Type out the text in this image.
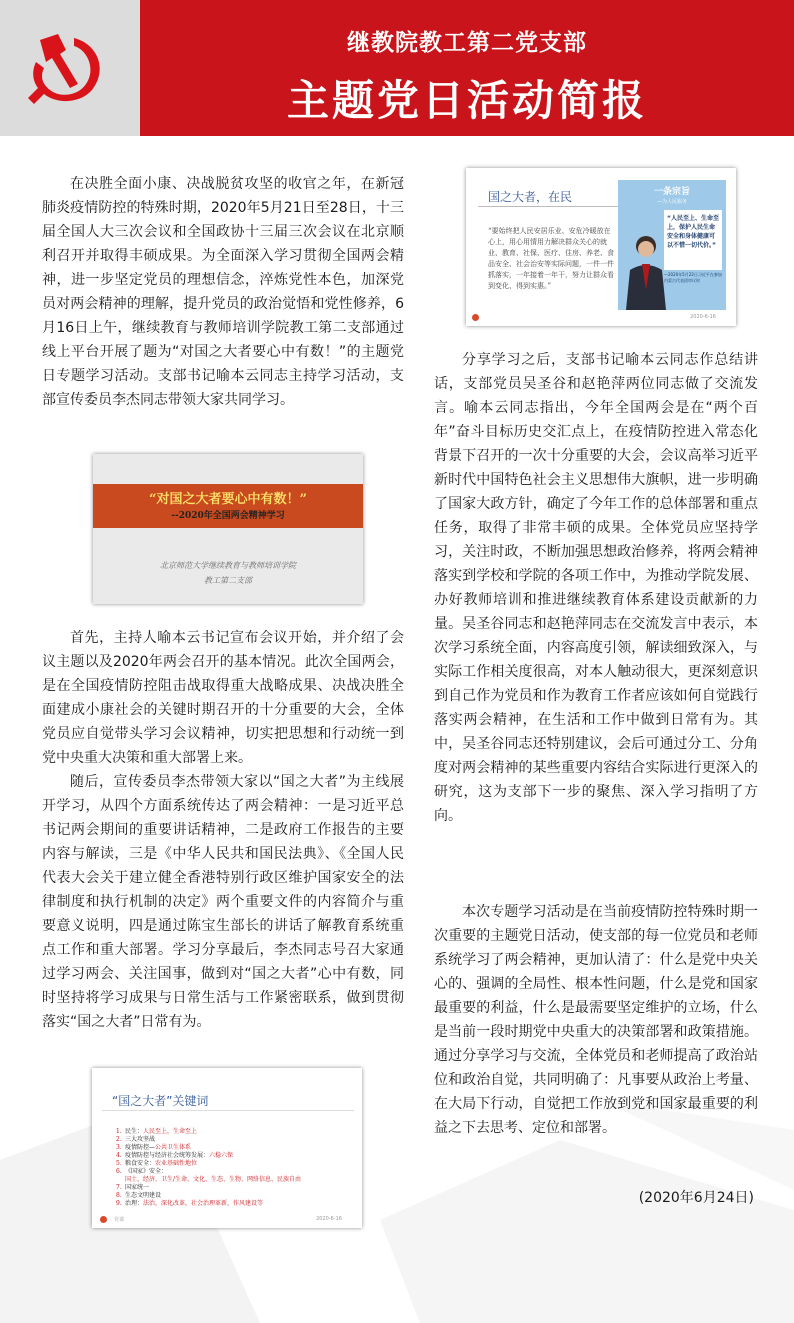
继教院教工第二党支部
主题党日活动简报

在决胜全面小康、决战脱贫攻坚的收官之年，在新冠肺炎疫情防控的特殊时期，2020年5月21日至28日，十三届全国人大三次会议和全国政协十三届三次会议在北京顺利召开并取得丰硕成果。为全面深入学习贯彻全国两会精神，进一步坚定党员的理想信念，淬炼党性本色，加深党员对两会精神的理解，提升党员的政治觉悟和党性修养，6月16日上午，继续教育与教师培训学院教工第二支部通过线上平台开展了题为“对国之大者要心中有数！”的主题党日专题学习活动。支部书记喻本云同志主持学习活动，支部宣传委员李杰同志带领大家共同学习。

首先，主持人喻本云书记宣布会议开始，并介绍了会议主题以及2020年两会召开的基本情况。此次全国两会，是在全国疫情防控阻击战取得重大战略成果、决战决胜全面建成小康社会的关键时期召开的十分重要的大会，全体党员应自觉带头学习会议精神，切实把思想和行动统一到党中央重大决策和重大部署上来。

随后，宣传委员李杰带领大家以“国之大者”为主线展开学习，从四个方面系统传达了两会精神：一是习近平总书记两会期间的重要讲话精神，二是政府工作报告的主要内容与解读，三是《中华人民共和国民法典》、《全国人民代表大会关于建立健全香港特别行政区维护国家安全的法律制度和执行机制的决定》两个重要文件的内容简介与重要意义说明，四是通过陈宝生部长的讲话了解教育系统重点工作和重大部署。学习分享最后，李杰同志号召大家通过学习两会、关注国事，做到对“国之大者”心中有数，同时坚持将学习成果与日常生活与工作紧密联系，做到贯彻落实“国之大者”日常有为。

分享学习之后，支部书记喻本云同志作总结讲话，支部党员吴圣谷和赵艳萍两位同志做了交流发言。喻本云同志指出，今年全国两会是在“两个百年”奋斗目标历史交汇点上，在疫情防控进入常态化背景下召开的一次十分重要的大会，会议高举习近平新时代中国特色社会主义思想伟大旗帜，进一步明确了国家大政方针，确定了今年工作的总体部署和重点任务，取得了非常丰硕的成果。全体党员应坚持学习，关注时政，不断加强思想政治修养，将两会精神落实到学校和学院的各项工作中，为推动学院发展、办好教师培训和推进继续教育体系建设贡献新的力量。吴圣谷同志和赵艳萍同志在交流发言中表示，本次学习系统全面，内容高度引领，解读细致深入，与实际工作相关度很高，对本人触动很大，更深刻意识到自己作为党员和作为教育工作者应该如何自觉践行落实两会精神，在生活和工作中做到日常有为。其中，吴圣谷同志还特别建议，会后可通过分工、分角度对两会精神的某些重要内容结合实际进行更深入的研究，这为支部下一步的聚焦、深入学习指明了方向。

本次专题学习活动是在当前疫情防控特殊时期一次重要的主题党日活动，使支部的每一位党员和老师系统学习了两会精神，更加认清了：什么是党中央关心的、强调的全局性、根本性问题，什么是党和国家最重要的利益，什么是最需要坚定维护的立场，什么是当前一段时期党中央重大的决策部署和政策措施。通过分享学习与交流，全体党员和老师提高了政治站位和政治自觉，共同明确了：凡事要从政治上考量、在大局下行动，自觉把工作放到党和国家最重要的利益之下去思考、定位和部署。

(2020年6月24日)
“对国之大者要心中有数！”
--2020年全国两会精神学习
北京师范大学继续教育与教师培训学院
教工第二支部
国之大者，在民
“要始终把人民安居乐业、安危冷暖放在心上，用心用情用力解决群众关心的就业、教育、社保、医疗、住房、养老、食品安全、社会治安等实际问题，一件一件抓落实，一年接着一年干，努力让群众看到变化、得到实惠。”
一条宗旨
—为人民服务
“人民至上、生命至上，保护人民生命安全和身体健康可以不惜一切代价。”
—2020年5月22日习近平在参加内蒙古代表团审议时
2020-6-16
“国之大者”关键词
1. 民生：人民至上，生命至上
2. 三大攻坚战
3. 疫情防控—公共卫生体系
4. 疫情防控与经济社会统筹发展：六稳六保
5. 粮食安全：农业基础性地位
6. 《国家》安全：
国土、经济、卫生/生命、文化、生态、生物、网络信息、民族自由
7. 国家统一
8. 生态文明建设
9. 治理：法治，深化改革，社会治理革新，作风建设等
党课	2020-6-16
